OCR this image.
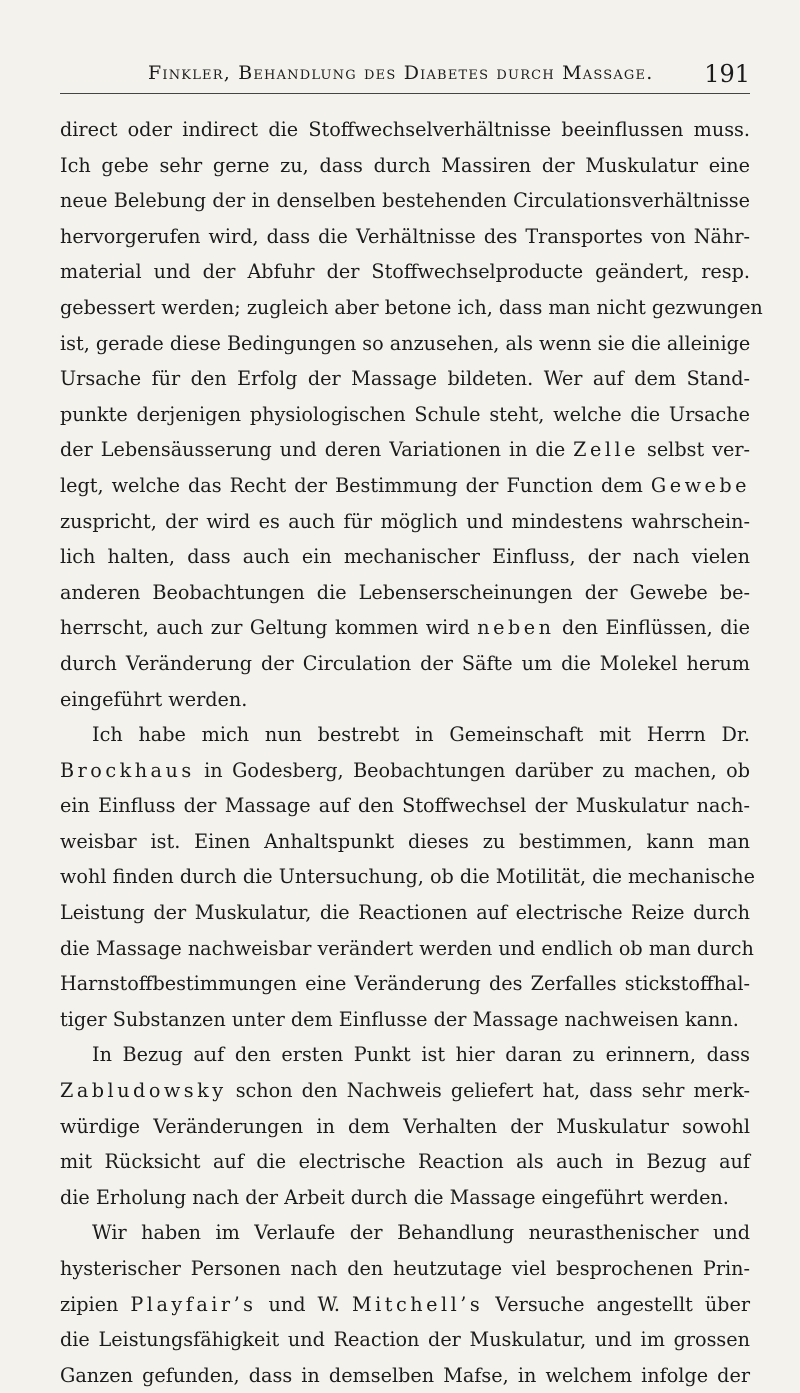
Finkler, Behandlung des Diabetes durch Massage.	191
direct oder indirect die Stoffwechselverhältnisse beeinflussen muss.
Ich gebe sehr gerne zu, dass durch Massiren der Muskulatur eine
neue Belebung der in denselben bestehenden Circulationsverhältnisse
hervorgerufen wird, dass die Verhältnisse des Transportes von Nähr-
material und der Abfuhr der Stoffwechselproducte geändert, resp.
gebessert werden; zugleich aber betone ich, dass man nicht gezwungen
ist, gerade diese Bedingungen so anzusehen, als wenn sie die alleinige
Ursache für den Erfolg der Massage bildeten. Wer auf dem Stand-
punkte derjenigen physiologischen Schule steht, welche die Ursache
der Lebensäusserung und deren Variationen in die Zelle selbst ver-
legt, welche das Recht der Bestimmung der Function dem Gewebe
zuspricht, der wird es auch für möglich und mindestens wahrschein-
lich halten, dass auch ein mechanischer Einfluss, der nach vielen
anderen Beobachtungen die Lebenserscheinungen der Gewebe be-
herrscht, auch zur Geltung kommen wird neben den Einflüssen, die
durch Veränderung der Circulation der Säfte um die Molekel herum
eingeführt werden.
Ich habe mich nun bestrebt in Gemeinschaft mit Herrn Dr.
Brockhaus in Godesberg, Beobachtungen darüber zu machen, ob
ein Einfluss der Massage auf den Stoffwechsel der Muskulatur nach-
weisbar ist. Einen Anhaltspunkt dieses zu bestimmen, kann man
wohl finden durch die Untersuchung, ob die Motilität, die mechanische
Leistung der Muskulatur, die Reactionen auf electrische Reize durch
die Massage nachweisbar verändert werden und endlich ob man durch
Harnstoffbestimmungen eine Veränderung des Zerfalles stickstoffhal-
tiger Substanzen unter dem Einflusse der Massage nachweisen kann.
In Bezug auf den ersten Punkt ist hier daran zu erinnern, dass
Zabludowsky schon den Nachweis geliefert hat, dass sehr merk-
würdige Veränderungen in dem Verhalten der Muskulatur sowohl
mit Rücksicht auf die electrische Reaction als auch in Bezug auf
die Erholung nach der Arbeit durch die Massage eingeführt werden.
Wir haben im Verlaufe der Behandlung neurasthenischer und
hysterischer Personen nach den heutzutage viel besprochenen Prin-
zipien Playfair’s und W. Mitchell’s Versuche angestellt über
die Leistungsfähigkeit und Reaction der Muskulatur, und im grossen
Ganzen gefunden, dass in demselben Mafse, in welchem infolge der
